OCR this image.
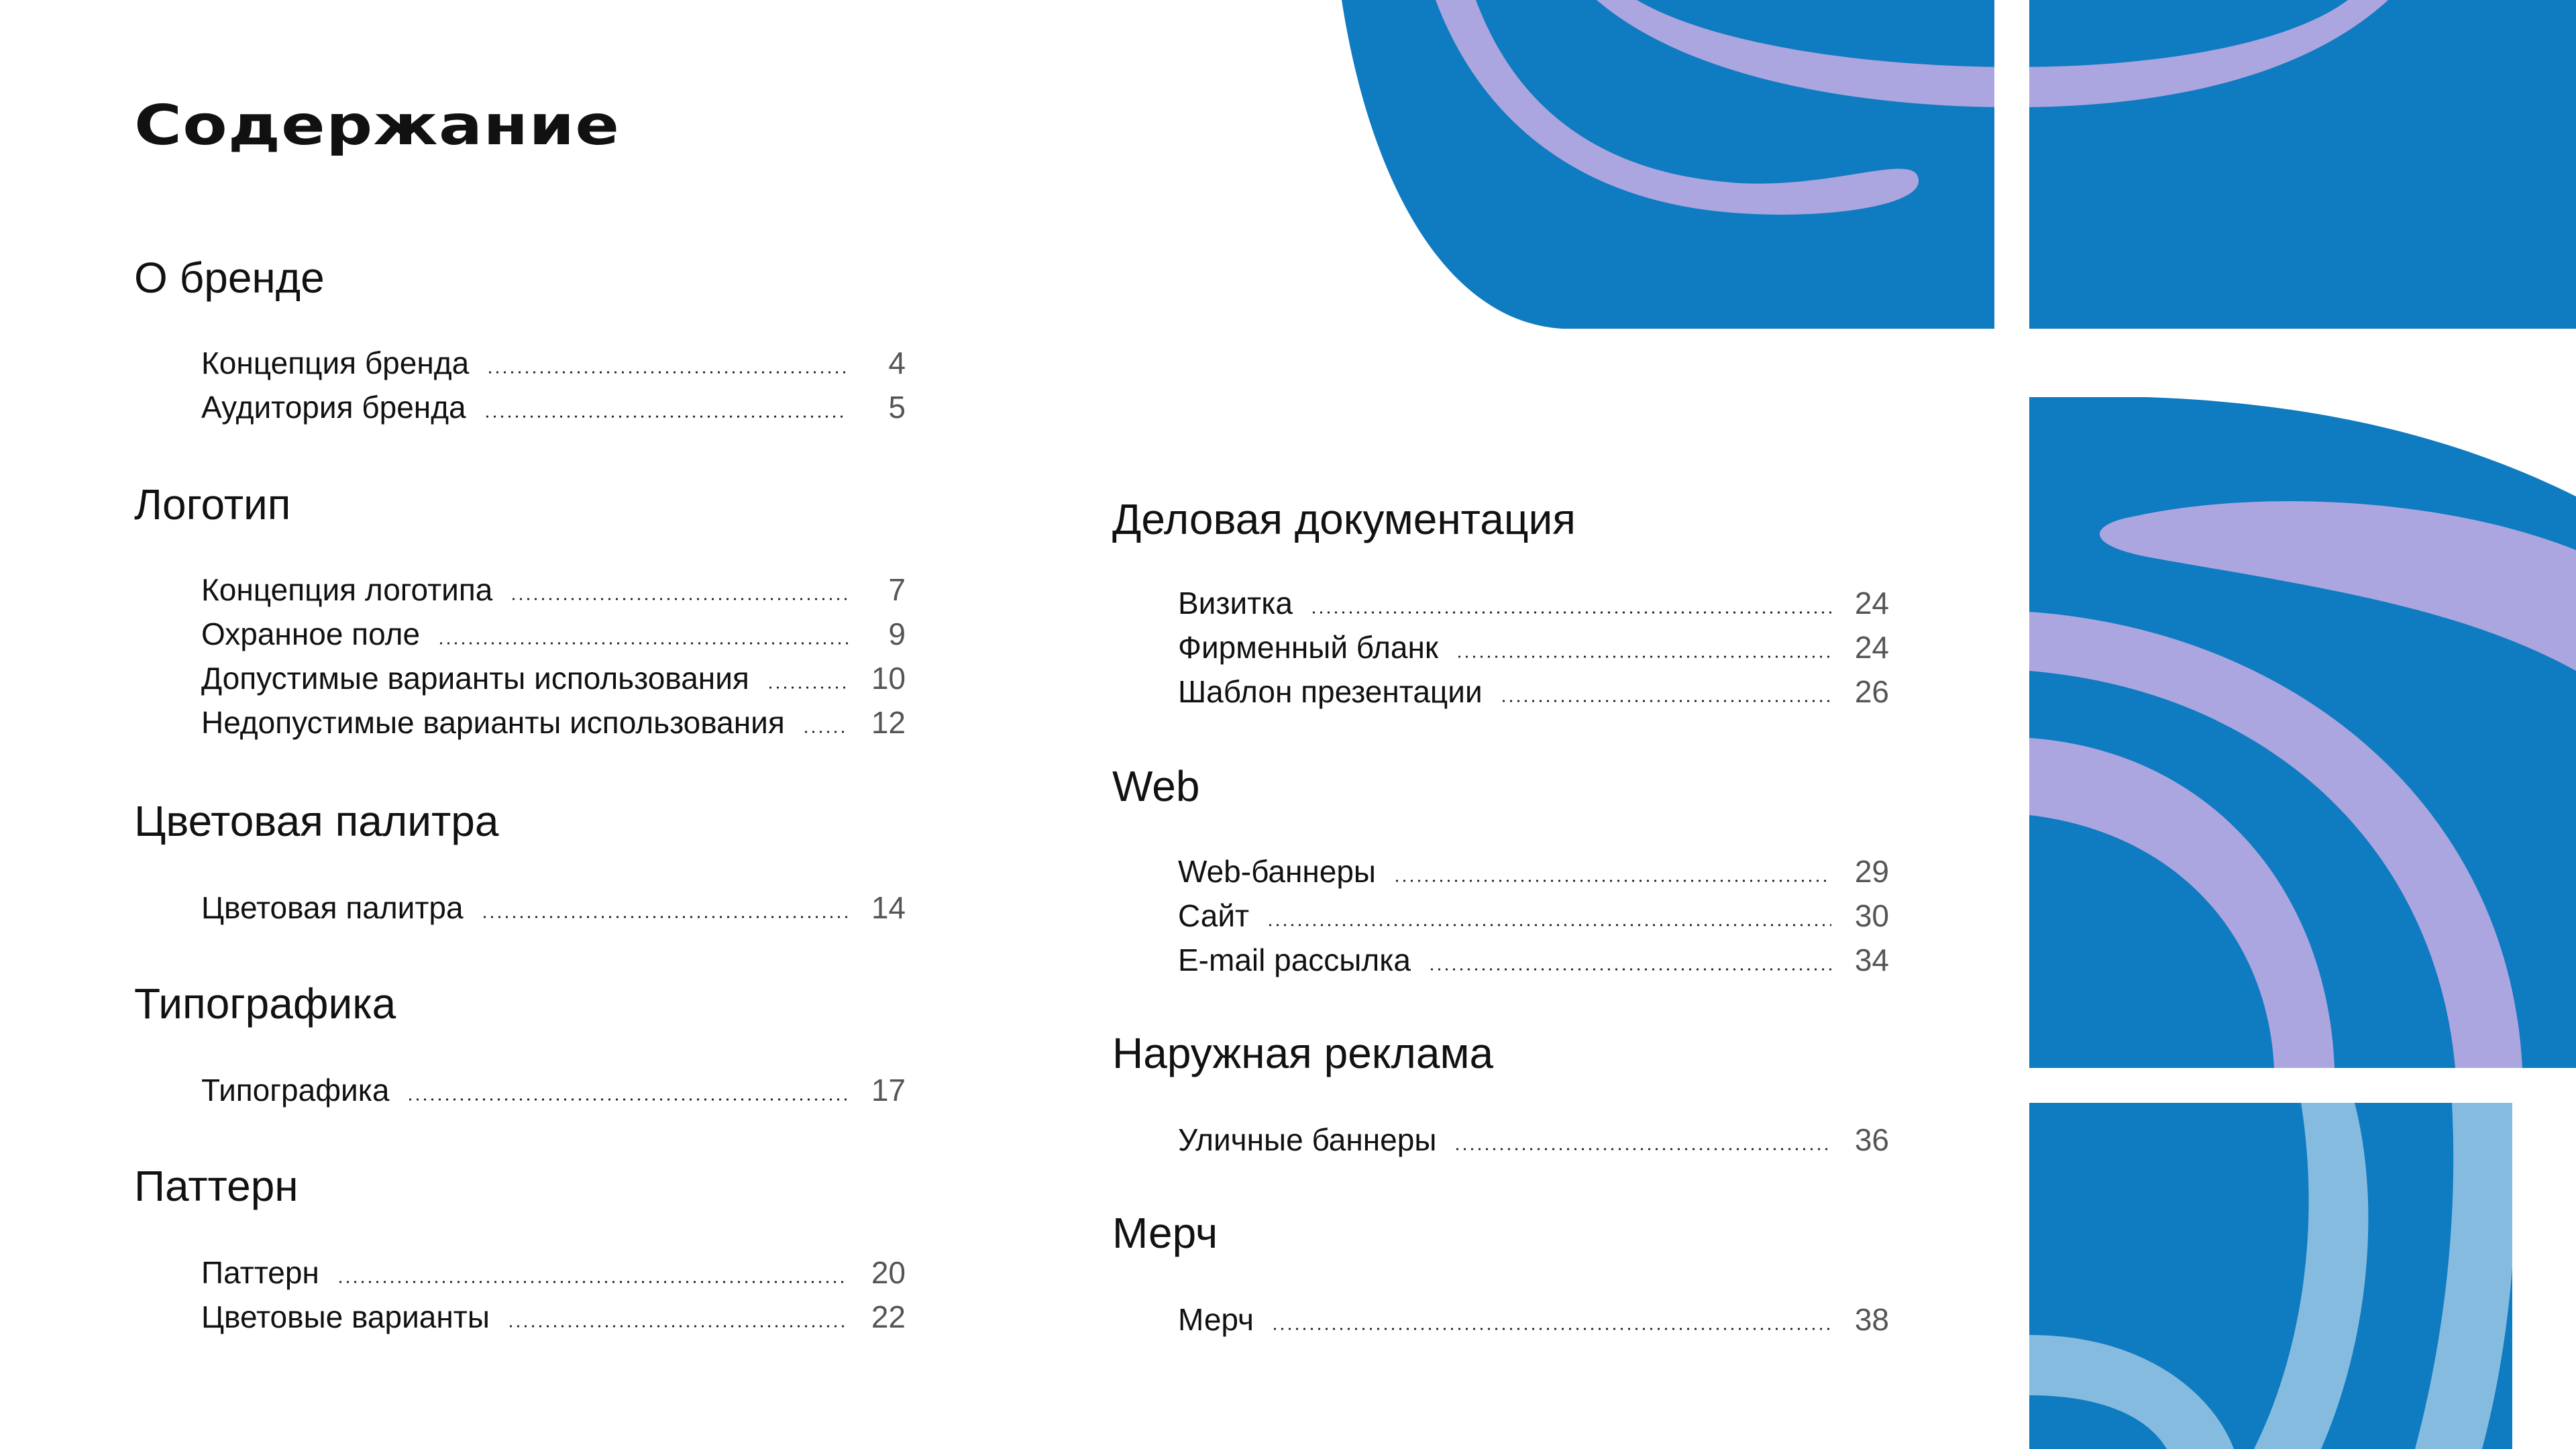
Содержание
О бренде
Концепция бренда	4
Аудитория бренда	5
Логотип
Концепция логотипа	7
Охранное поле	9
Допустимые варианты использования	10
Недопустимые варианты использования	12
Цветовая палитра
Цветовая палитра	14
Типографика
Типографика	17
Паттерн
Паттерн	20
Цветовые варианты	22
Деловая документация
Визитка	24
Фирменный бланк	24
Шаблон презентации	26
Web
Web-баннеры	29
Сайт	30
E-mail рассылка	34
Наружная реклама
Уличные баннеры	36
Мерч
Мерч	38
